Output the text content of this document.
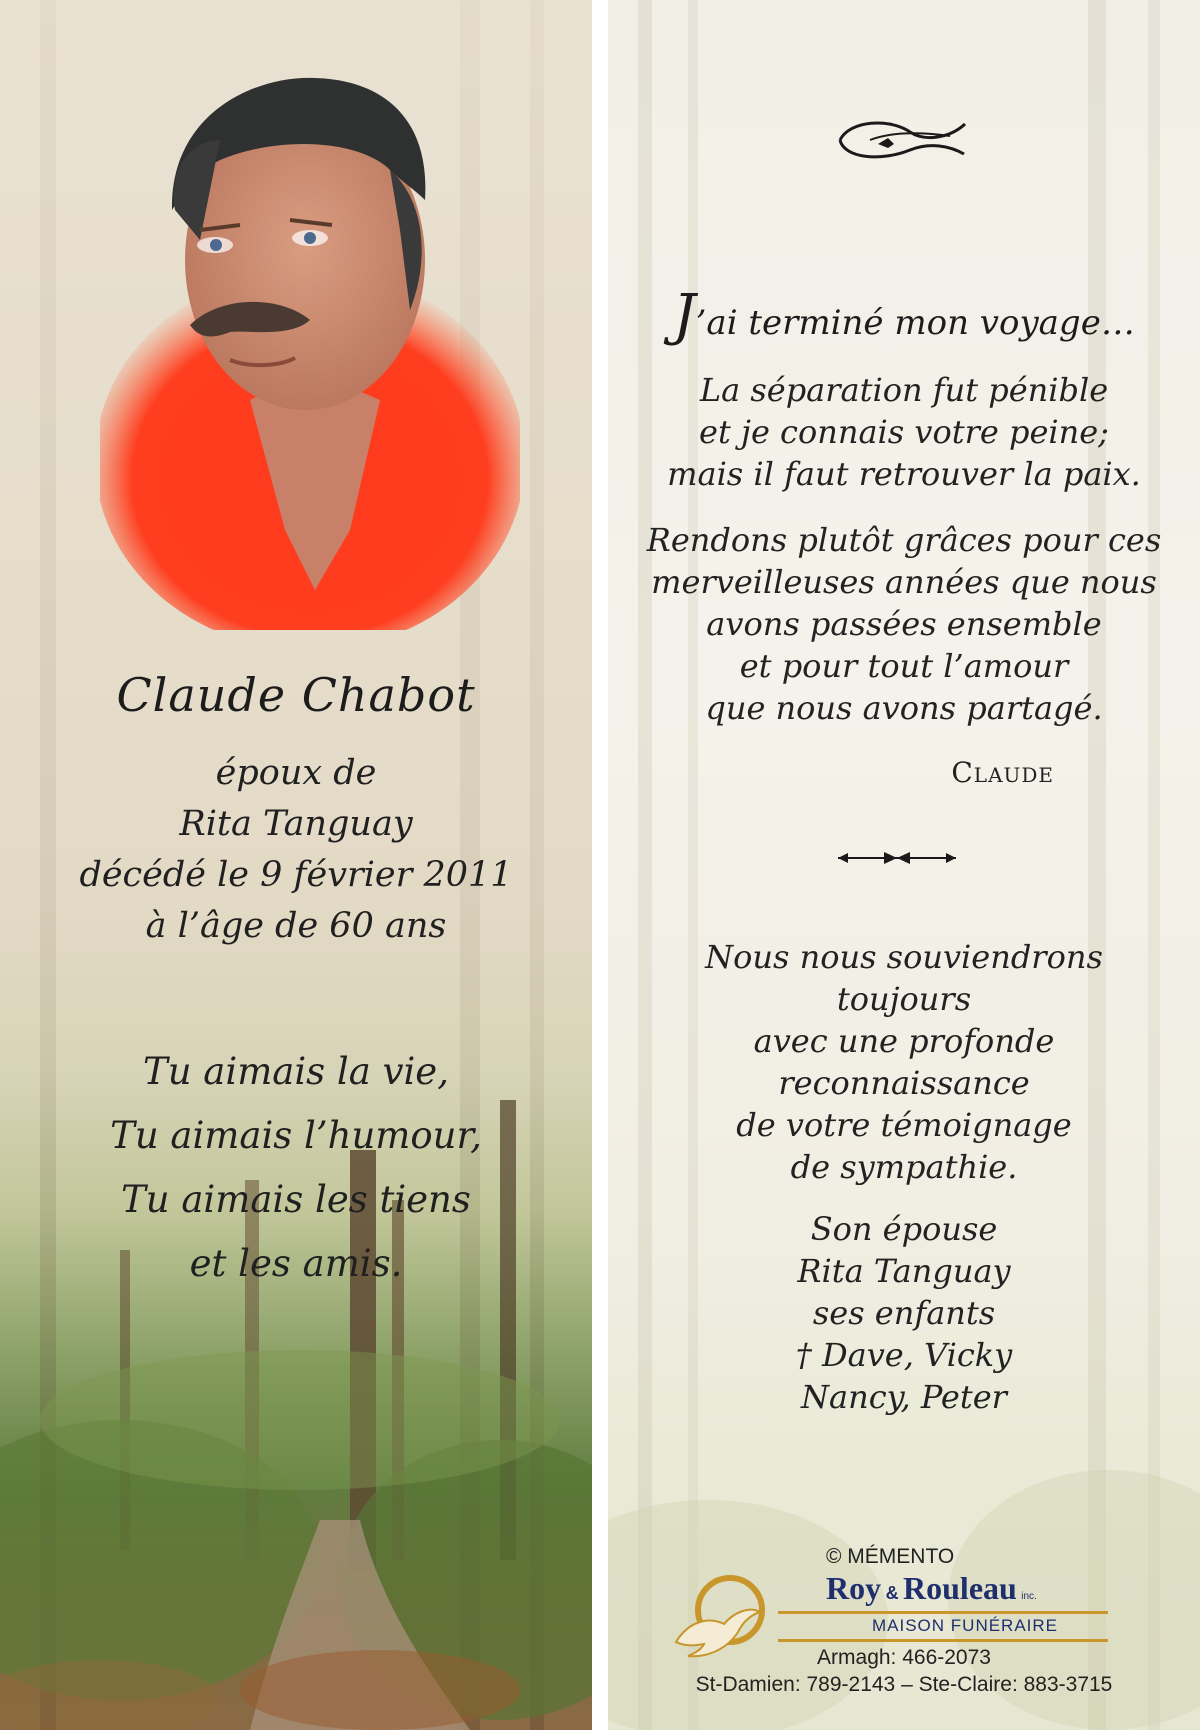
Claude Chabot
époux de
Rita Tanguay
décédé le 9 février 2011
à l’âge de 60 ans
Tu aimais la vie,
Tu aimais l’humour,
Tu aimais les tiens
et les amis.
J’ai terminé mon voyage…
La séparation fut pénible
et je connais votre peine;
mais il faut retrouver la paix.
Rendons plutôt grâces pour ces
merveilleuses années que nous
avons passées ensemble
et pour tout l’amour
que nous avons partagé.
Claude
Nous nous souviendrons
toujours
avec une profonde
reconnaissance
de votre témoignage
de sympathie.
Son épouse
Rita Tanguay
ses enfants
† Dave, Vicky
Nancy, Peter
© MÉMENTO
Roy & Rouleau inc.
MAISON FUNÉRAIRE
Armagh: 466-2073
St-Damien: 789-2143 – Ste-Claire: 883-3715
